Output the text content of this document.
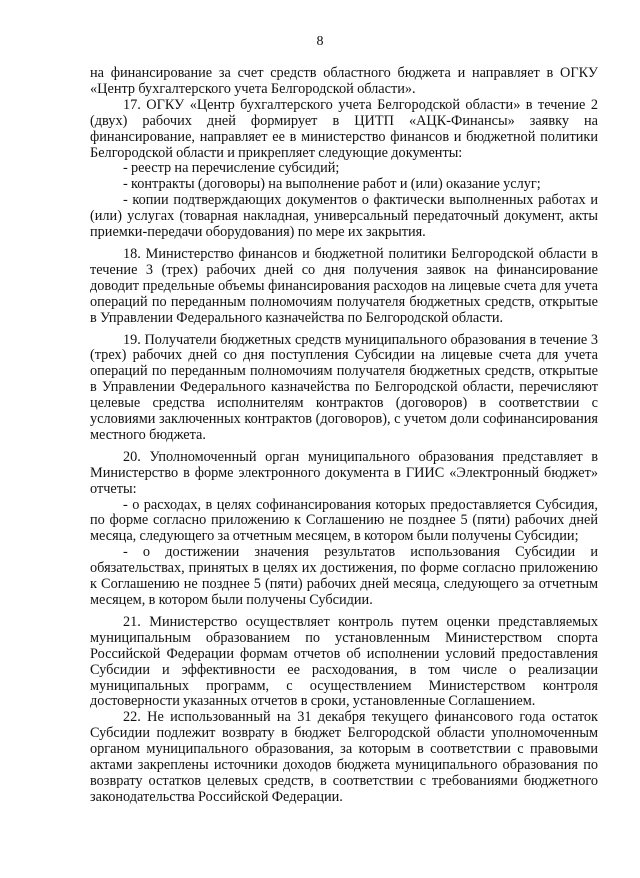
8

на финансирование за счет средств областного бюджета и направляет в ОГКУ «Центр бухгалтерского учета Белгородской области».

17. ОГКУ «Центр бухгалтерского учета Белгородской области» в течение 2 (двух) рабочих дней формирует в ЦИТП «АЦК-Финансы» заявку на финансирование, направляет ее в министерство финансов и бюджетной политики Белгородской области и прикрепляет следующие документы:

- реестр на перечисление субсидий;

- контракты (договоры) на выполнение работ и (или) оказание услуг;

- копии подтверждающих документов о фактически выполненных работах и (или) услугах (товарная накладная, универсальный передаточный документ, акты приемки-передачи оборудования) по мере их закрытия.

18. Министерство финансов и бюджетной политики Белгородской области в течение 3 (трех) рабочих дней со дня получения заявок на финансирование доводит предельные объемы финансирования расходов на лицевые счета для учета операций по переданным полномочиям получателя бюджетных средств, открытые в Управлении Федерального казначейства по Белгородской области.

19. Получатели бюджетных средств муниципального образования в течение 3 (трех) рабочих дней со дня поступления Субсидии на лицевые счета для учета операций по переданным полномочиям получателя бюджетных средств, открытые в Управлении Федерального казначейства по Белгородской области, перечисляют целевые средства исполнителям контрактов (договоров) в соответствии с условиями заключенных контрактов (договоров), с учетом доли софинансирования местного бюджета.

20. Уполномоченный орган муниципального образования представляет в Министерство в форме электронного документа в ГИИС «Электронный бюджет» отчеты:

- о расходах, в целях софинансирования которых предоставляется Субсидия, по форме согласно приложению к Соглашению не позднее 5 (пяти) рабочих дней месяца, следующего за отчетным месяцем, в котором были получены Субсидии;

- о достижении значения результатов использования Субсидии и обязательствах, принятых в целях их достижения, по форме согласно приложению к Соглашению не позднее 5 (пяти) рабочих дней месяца, следующего за отчетным месяцем, в котором были получены Субсидии.

21. Министерство осуществляет контроль путем оценки представляемых муниципальным образованием по установленным Министерством спорта Российской Федерации формам отчетов об исполнении условий предоставления Субсидии и эффективности ее расходования, в том числе о реализации муниципальных программ, с осуществлением Министерством контроля достоверности указанных отчетов в сроки, установленные Соглашением.

22. Не использованный на 31 декабря текущего финансового года остаток Субсидии подлежит возврату в бюджет Белгородской области уполномоченным органом муниципального образования, за которым в соответствии с правовыми актами закреплены источники доходов бюджета муниципального образования по возврату остатков целевых средств, в соответствии с требованиями бюджетного законодательства Российской Федерации.
